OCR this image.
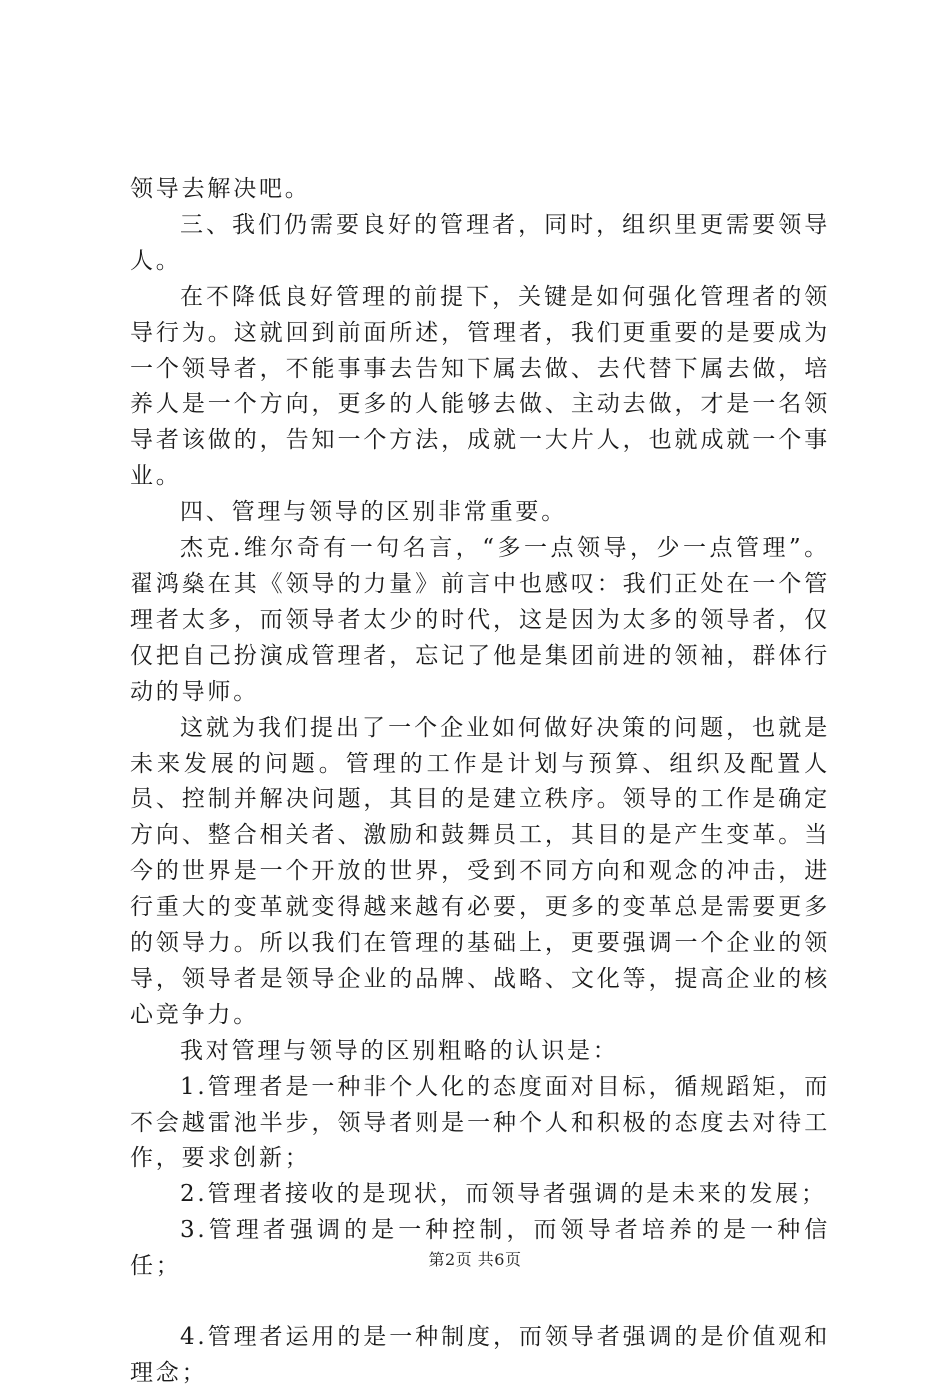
领导去解决吧。

三、我们仍需要良好的管理者，同时，组织里更需要领导人。

在不降低良好管理的前提下，关键是如何强化管理者的领导行为。这就回到前面所述，管理者，我们更重要的是要成为一个领导者，不能事事去告知下属去做、去代替下属去做，培养人是一个方向，更多的人能够去做、主动去做，才是一名领导者该做的，告知一个方法，成就一大片人，也就成就一个事业。

四、管理与领导的区别非常重要。

杰克.维尔奇有一句名言，“多一点领导，少一点管理”。翟鸿燊在其《领导的力量》前言中也感叹：我们正处在一个管理者太多，而领导者太少的时代，这是因为太多的领导者，仅仅把自己扮演成管理者，忘记了他是集团前进的领袖，群体行动的导师。

这就为我们提出了一个企业如何做好决策的问题，也就是未来发展的问题。管理的工作是计划与预算、组织及配置人员、控制并解决问题，其目的是建立秩序。领导的工作是确定方向、整合相关者、激励和鼓舞员工，其目的是产生变革。当今的世界是一个开放的世界，受到不同方向和观念的冲击，进行重大的变革就变得越来越有必要，更多的变革总是需要更多的领导力。所以我们在管理的基础上，更要强调一个企业的领导，领导者是领导企业的品牌、战略、文化等，提高企业的核心竞争力。

我对管理与领导的区别粗略的认识是：

1.管理者是一种非个人化的态度面对目标，循规蹈矩，而不会越雷池半步，领导者则是一种个人和积极的态度去对待工作，要求创新；

2.管理者接收的是现状，而领导者强调的是未来的发展；

3.管理者强调的是一种控制，而领导者培养的是一种信任；

4.管理者运用的是一种制度，而领导者强调的是价值观和理念；

第2页 共6页
